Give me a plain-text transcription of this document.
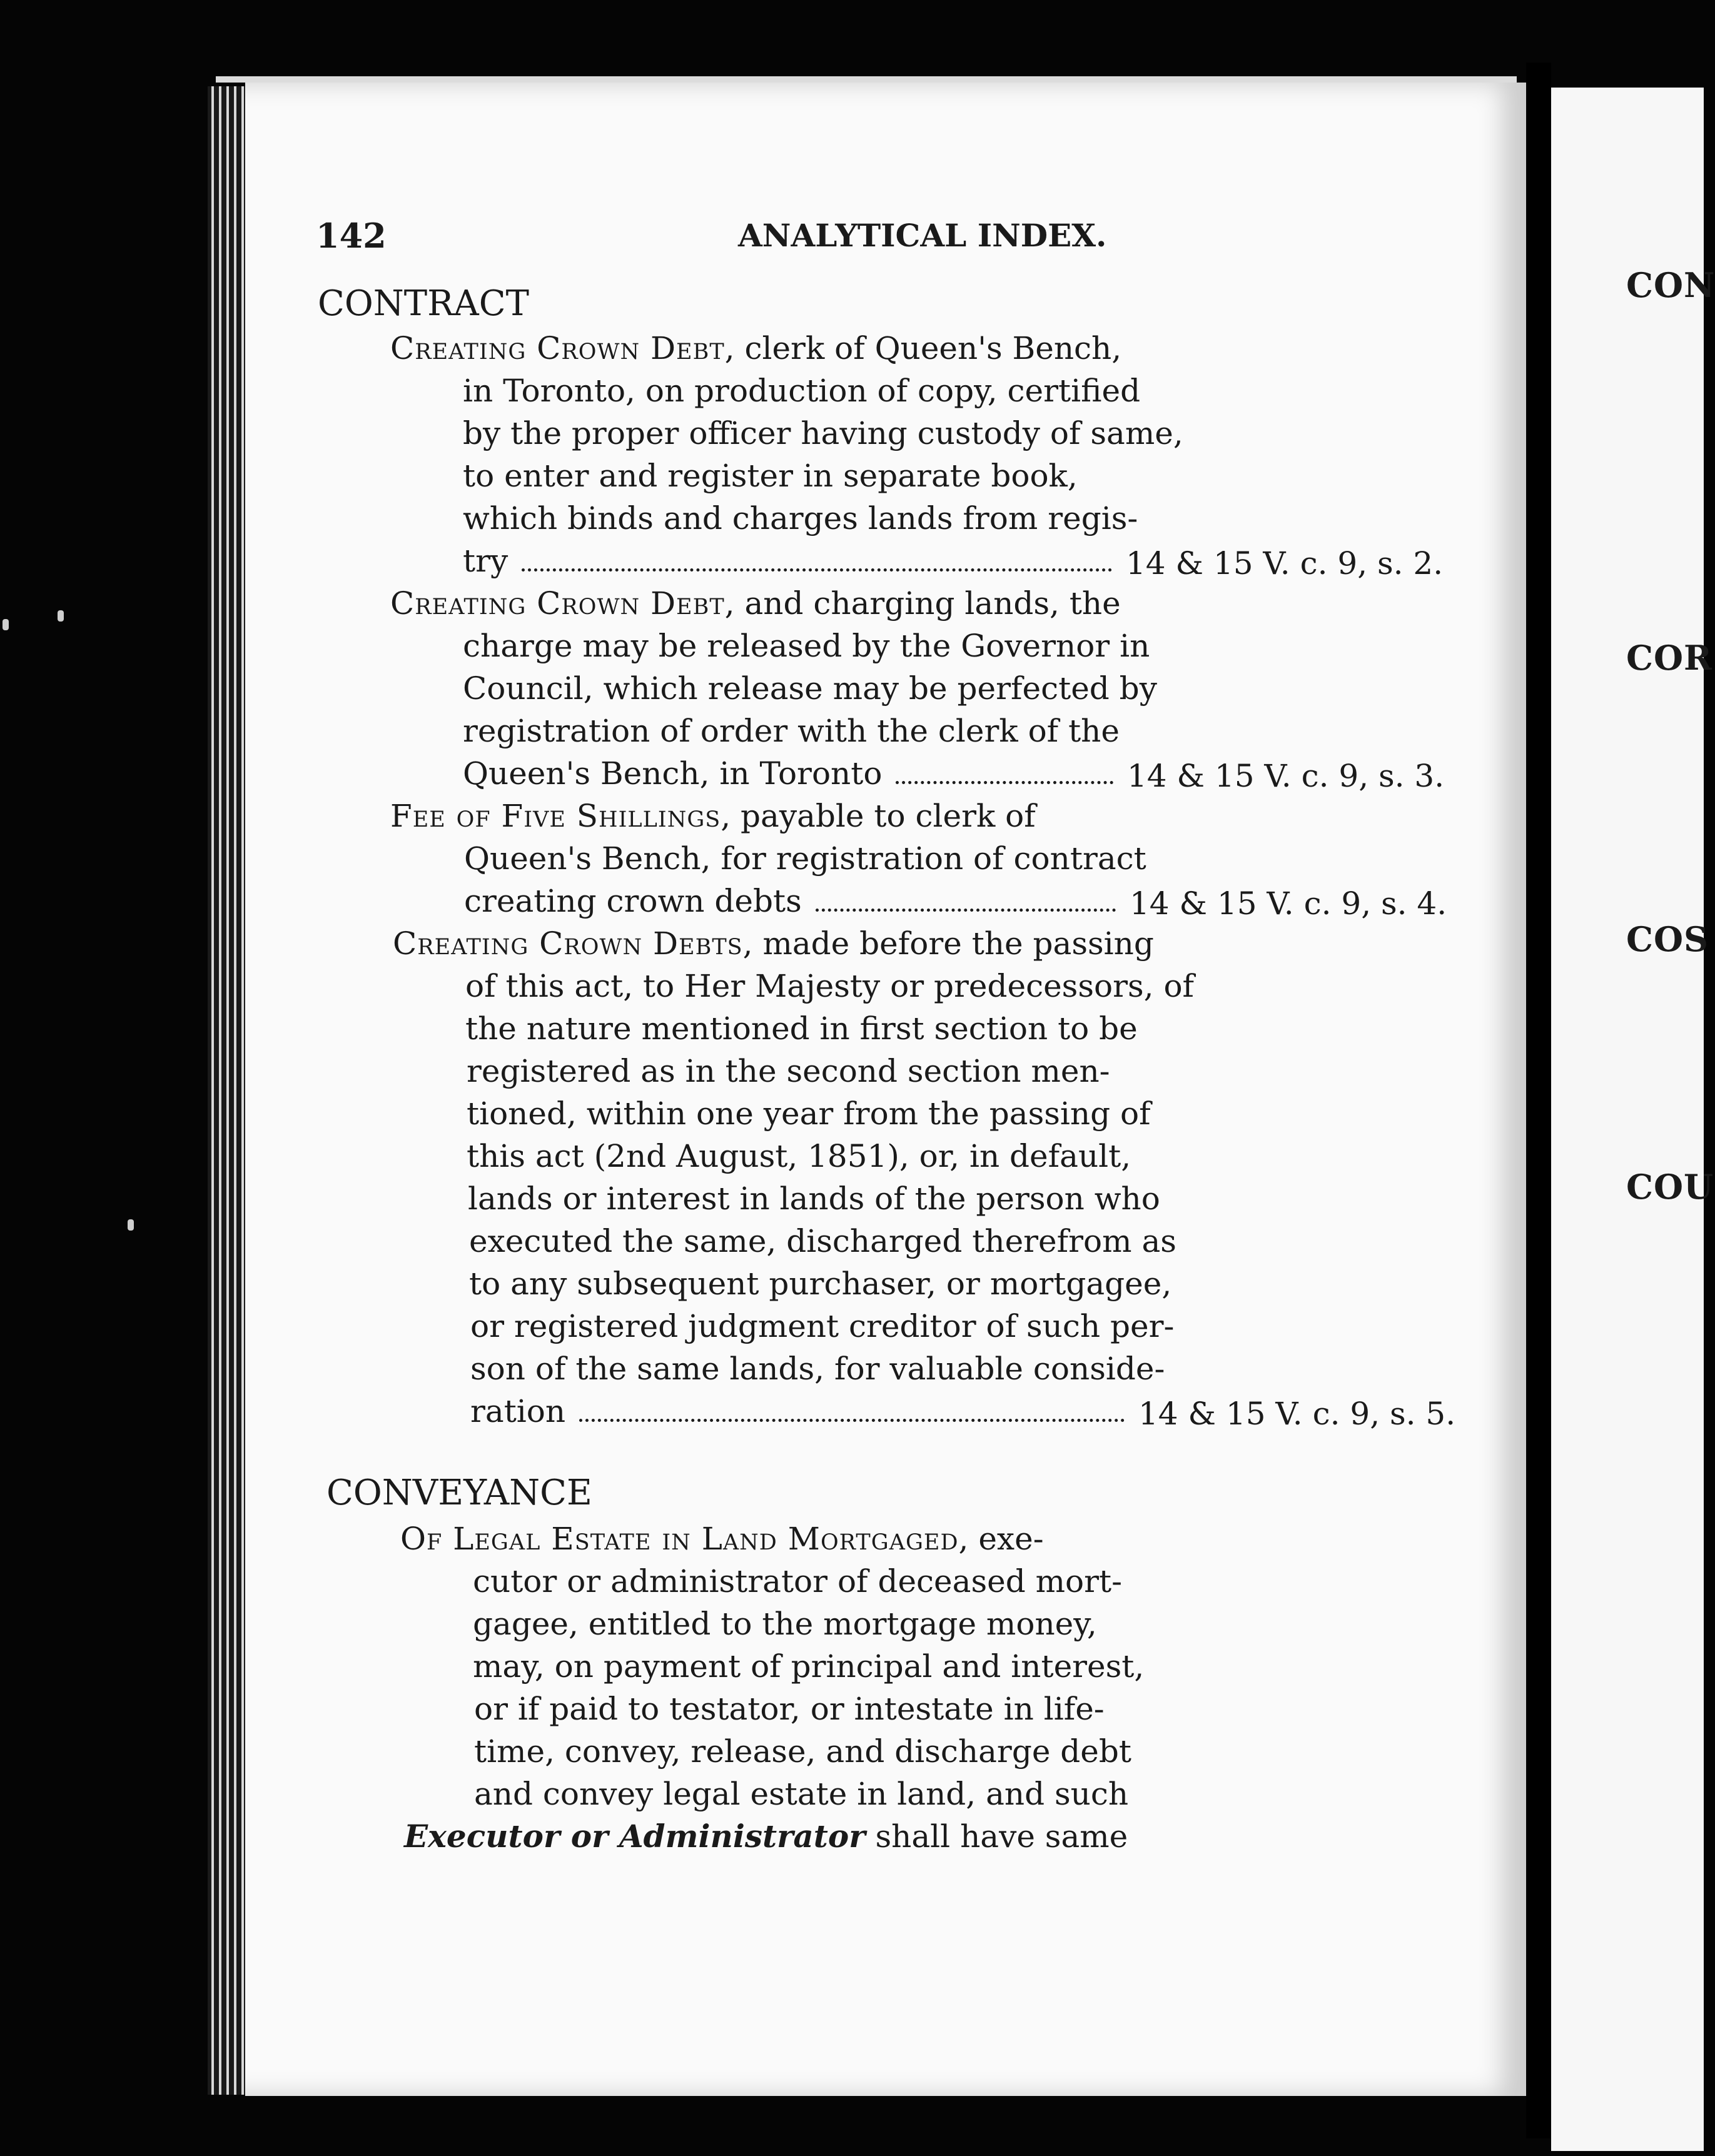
CON
COR
COS
COU
142	ANALYTICAL INDEX.
CONTRACT
Creating Crown Debt, clerk of Queen's Bench,
in Toronto, on production of copy, certified
by the proper officer having custody of same,
to enter and register in separate book,
which binds and charges lands from regis-
try	14 & 15 V. c. 9, s. 2.
Creating Crown Debt, and charging lands, the
charge may be released by the Governor in
Council, which release may be perfected by
registration of order with the clerk of the
Queen's Bench, in Toronto	14 & 15 V. c. 9, s. 3.
Fee of Five Shillings, payable to clerk of
Queen's Bench, for registration of contract
creating crown debts	14 & 15 V. c. 9, s. 4.
Creating Crown Debts, made before the passing
of this act, to Her Majesty or predecessors, of
the nature mentioned in first section to be
registered as in the second section men-
tioned, within one year from the passing of
this act (2nd August, 1851), or, in default,
lands or interest in lands of the person who
executed the same, discharged therefrom as
to any subsequent purchaser, or mortgagee,
or registered judgment creditor of such per-
son of the same lands, for valuable conside-
ration	14 & 15 V. c. 9, s. 5.
CONVEYANCE
Of Legal Estate in Land Mortgaged, exe-
cutor or administrator of deceased mort-
gagee, entitled to the mortgage money,
may, on payment of principal and interest,
or if paid to testator, or intestate in life-
time, convey, release, and discharge debt
and convey legal estate in land, and such
Executor or Administrator shall have same
